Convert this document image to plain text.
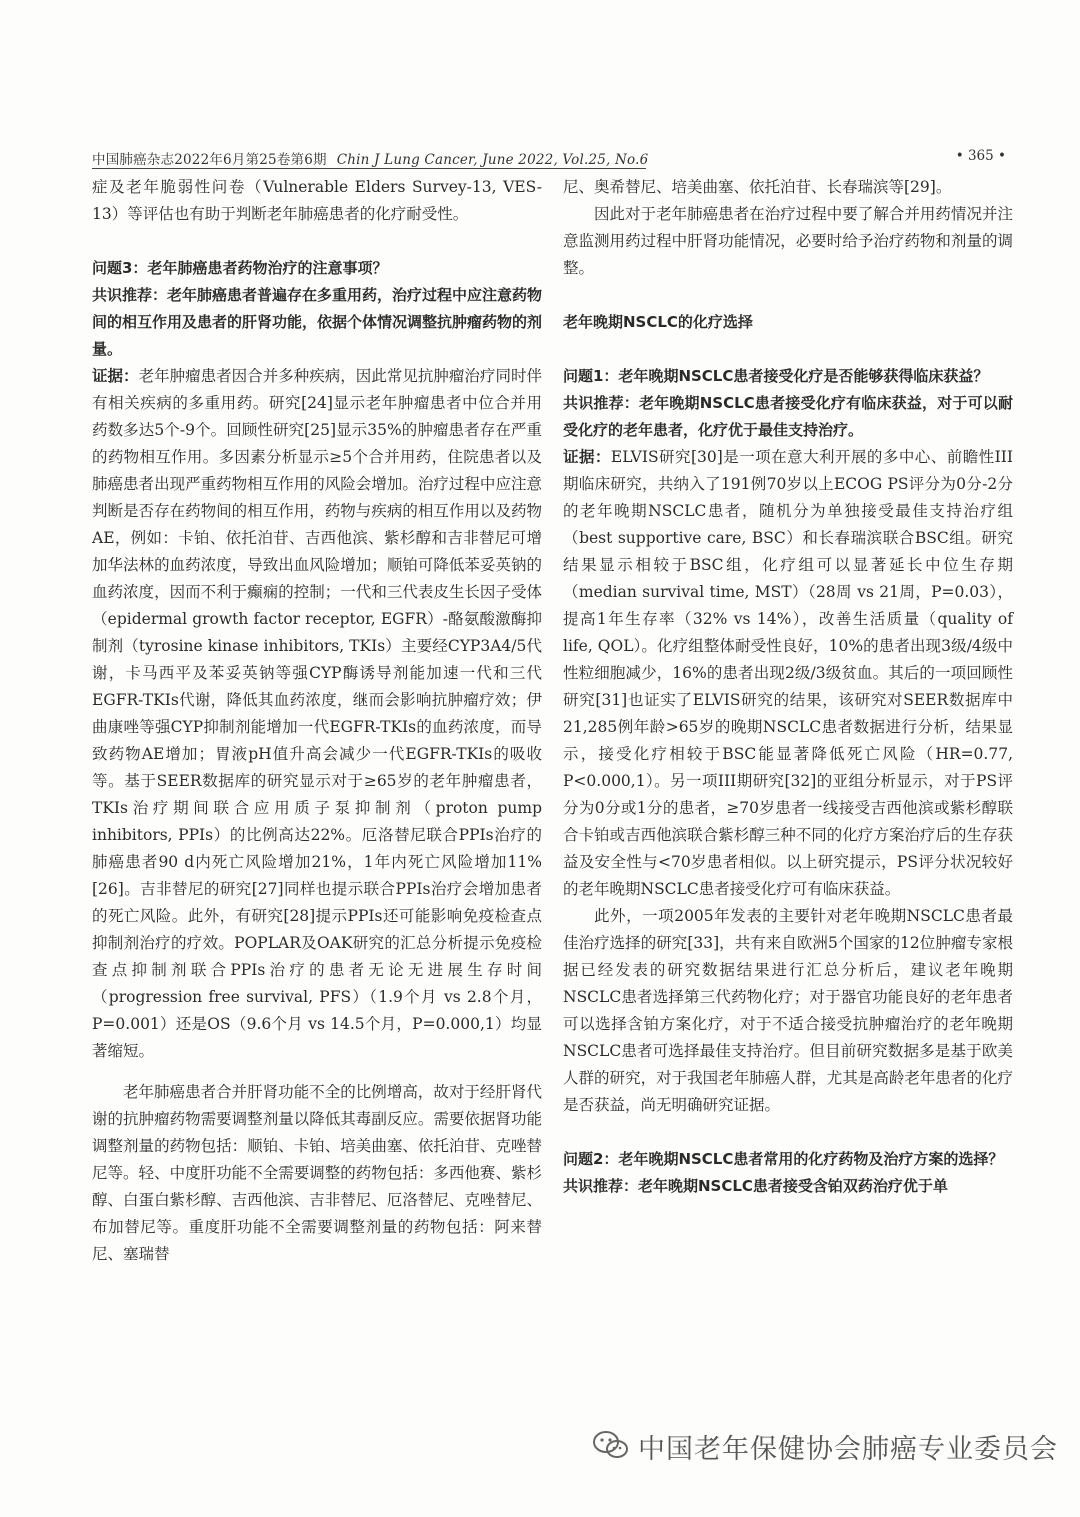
中国肺癌杂志2022年6月第25卷第6期 Chin J Lung Cancer, June 2022, Vol.25, No.6	• 365 •

症及老年脆弱性问卷（Vulnerable Elders Survey-13, VES-13）等评估也有助于判断老年肺癌患者的化疗耐受性。

问题3：老年肺癌患者药物治疗的注意事项？

共识推荐：老年肺癌患者普遍存在多重用药，治疗过程中应注意药物间的相互作用及患者的肝肾功能，依据个体情况调整抗肿瘤药物的剂量。

证据：老年肿瘤患者因合并多种疾病，因此常见抗肿瘤治疗同时伴有相关疾病的多重用药。研究[24]显示老年肿瘤患者中位合并用药数多达5个-9个。回顾性研究[25]显示35%的肿瘤患者存在严重的药物相互作用。多因素分析显示≥5个合并用药，住院患者以及肺癌患者出现严重药物相互作用的风险会增加。治疗过程中应注意判断是否存在药物间的相互作用，药物与疾病的相互作用以及药物AE，例如：卡铂、依托泊苷、吉西他滨、紫杉醇和吉非替尼可增加华法林的血药浓度，导致出血风险增加；顺铂可降低苯妥英钠的血药浓度，因而不利于癫痫的控制；一代和三代表皮生长因子受体（epidermal growth factor receptor, EGFR）-酪氨酸激酶抑制剂（tyrosine kinase inhibitors, TKIs）主要经CYP3A4/5代谢，卡马西平及苯妥英钠等强CYP酶诱导剂能加速一代和三代EGFR-TKIs代谢，降低其血药浓度，继而会影响抗肿瘤疗效；伊曲康唑等强CYP抑制剂能增加一代EGFR-TKIs的血药浓度，而导致药物AE增加；胃液pH值升高会减少一代EGFR-TKIs的吸收等。基于SEER数据库的研究显示对于≥65岁的老年肿瘤患者，TKIs治疗期间联合应用质子泵抑制剂（proton pump inhibitors, PPIs）的比例高达22%。厄洛替尼联合PPIs治疗的肺癌患者90 d内死亡风险增加21%，1年内死亡风险增加11%[26]。吉非替尼的研究[27]同样也提示联合PPIs治疗会增加患者的死亡风险。此外，有研究[28]提示PPIs还可能影响免疫检查点抑制剂治疗的疗效。POPLAR及OAK研究的汇总分析提示免疫检查点抑制剂联合PPIs治疗的患者无论无进展生存时间（progression free survival, PFS）（1.9个月 vs 2.8个月，P=0.001）还是OS（9.6个月 vs 14.5个月，P=0.000,1）均显著缩短。

老年肺癌患者合并肝肾功能不全的比例增高，故对于经肝肾代谢的抗肿瘤药物需要调整剂量以降低其毒副反应。需要依据肾功能调整剂量的药物包括：顺铂、卡铂、培美曲塞、依托泊苷、克唑替尼等。轻、中度肝功能不全需要调整的药物包括：多西他赛、紫杉醇、白蛋白紫杉醇、吉西他滨、吉非替尼、厄洛替尼、克唑替尼、布加替尼等。重度肝功能不全需要调整剂量的药物包括：阿来替尼、塞瑞替

尼、奥希替尼、培美曲塞、依托泊苷、长春瑞滨等[29]。

因此对于老年肺癌患者在治疗过程中要了解合并用药情况并注意监测用药过程中肝肾功能情况，必要时给予治疗药物和剂量的调整。

老年晚期NSCLC的化疗选择

问题1：老年晚期NSCLC患者接受化疗是否能够获得临床获益？

共识推荐：老年晚期NSCLC患者接受化疗有临床获益，对于可以耐受化疗的老年患者，化疗优于最佳支持治疗。

证据：ELVIS研究[30]是一项在意大利开展的多中心、前瞻性III期临床研究，共纳入了191例70岁以上ECOG PS评分为0分-2分的老年晚期NSCLC患者，随机分为单独接受最佳支持治疗组（best supportive care, BSC）和长春瑞滨联合BSC组。研究结果显示相较于BSC组，化疗组可以显著延长中位生存期（median survival time, MST）（28周 vs 21周，P=0.03），提高1年生存率（32% vs 14%），改善生活质量（quality of life, QOL）。化疗组整体耐受性良好，10%的患者出现3级/4级中性粒细胞减少，16%的患者出现2级/3级贫血。其后的一项回顾性研究[31]也证实了ELVIS研究的结果，该研究对SEER数据库中21,285例年龄>65岁的晚期NSCLC患者数据进行分析，结果显示，接受化疗相较于BSC能显著降低死亡风险（HR=0.77, P<0.000,1）。另一项III期研究[32]的亚组分析显示，对于PS评分为0分或1分的患者，≥70岁患者一线接受吉西他滨或紫杉醇联合卡铂或吉西他滨联合紫杉醇三种不同的化疗方案治疗后的生存获益及安全性与<70岁患者相似。以上研究提示，PS评分状况较好的老年晚期NSCLC患者接受化疗可有临床获益。

此外，一项2005年发表的主要针对老年晚期NSCLC患者最佳治疗选择的研究[33]，共有来自欧洲5个国家的12位肿瘤专家根据已经发表的研究数据结果进行汇总分析后，建议老年晚期NSCLC患者选择第三代药物化疗；对于器官功能良好的老年患者可以选择含铂方案化疗，对于不适合接受抗肿瘤治疗的老年晚期NSCLC患者可选择最佳支持治疗。但目前研究数据多是基于欧美人群的研究，对于我国老年肺癌人群，尤其是高龄老年患者的化疗是否获益，尚无明确研究证据。

问题2：老年晚期NSCLC患者常用的化疗药物及治疗方案的选择？

共识推荐：老年晚期NSCLC患者接受含铂双药治疗优于单

中国老年保健协会肺癌专业委员会
